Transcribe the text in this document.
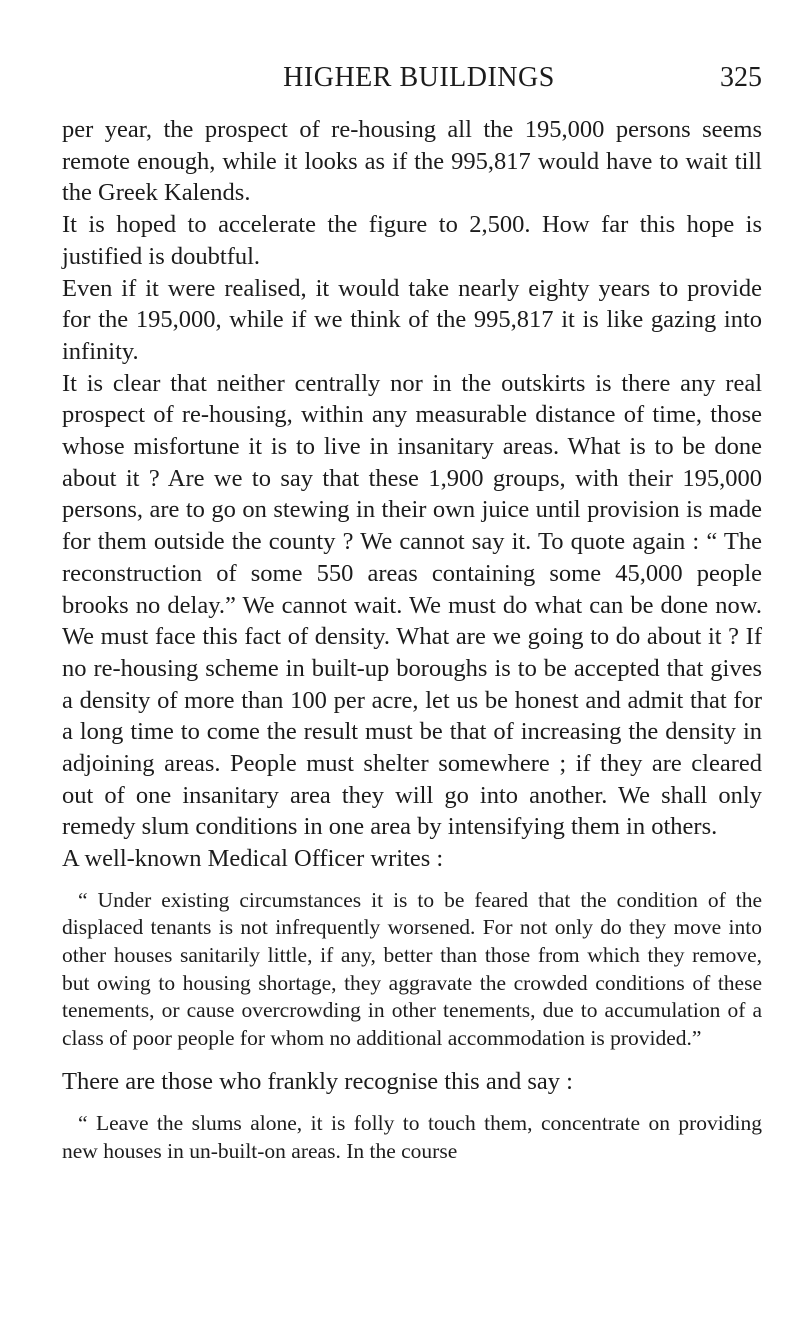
HIGHER BUILDINGS	325

per year, the prospect of re-housing all the 195,000 persons seems remote enough, while it looks as if the 995,817 would have to wait till the Greek Kalends.

It is hoped to accelerate the figure to 2,500. How far this hope is justified is doubtful.

Even if it were realised, it would take nearly eighty years to provide for the 195,000, while if we think of the 995,817 it is like gazing into infinity.

It is clear that neither centrally nor in the outskirts is there any real prospect of re-housing, within any measurable distance of time, those whose misfortune it is to live in insanitary areas. What is to be done about it ? Are we to say that these 1,900 groups, with their 195,000 persons, are to go on stewing in their own juice until provision is made for them outside the county ? We cannot say it. To quote again : “ The reconstruction of some 550 areas containing some 45,000 people brooks no delay.” We cannot wait. We must do what can be done now. We must face this fact of density. What are we going to do about it ? If no re-housing scheme in built-up boroughs is to be accepted that gives a density of more than 100 per acre, let us be honest and admit that for a long time to come the result must be that of increasing the density in adjoining areas. People must shelter somewhere ; if they are cleared out of one insanitary area they will go into another. We shall only remedy slum conditions in one area by intensifying them in others.

A well-known Medical Officer writes :

“ Under existing circumstances it is to be feared that the condition of the displaced tenants is not infrequently worsened. For not only do they move into other houses sanitarily little, if any, better than those from which they remove, but owing to housing shortage, they aggravate the crowded conditions of these tenements, or cause overcrowding in other tenements, due to accumulation of a class of poor people for whom no additional accommodation is provided.”

There are those who frankly recognise this and say :

“ Leave the slums alone, it is folly to touch them, concentrate on providing new houses in un-built-on areas. In the course
